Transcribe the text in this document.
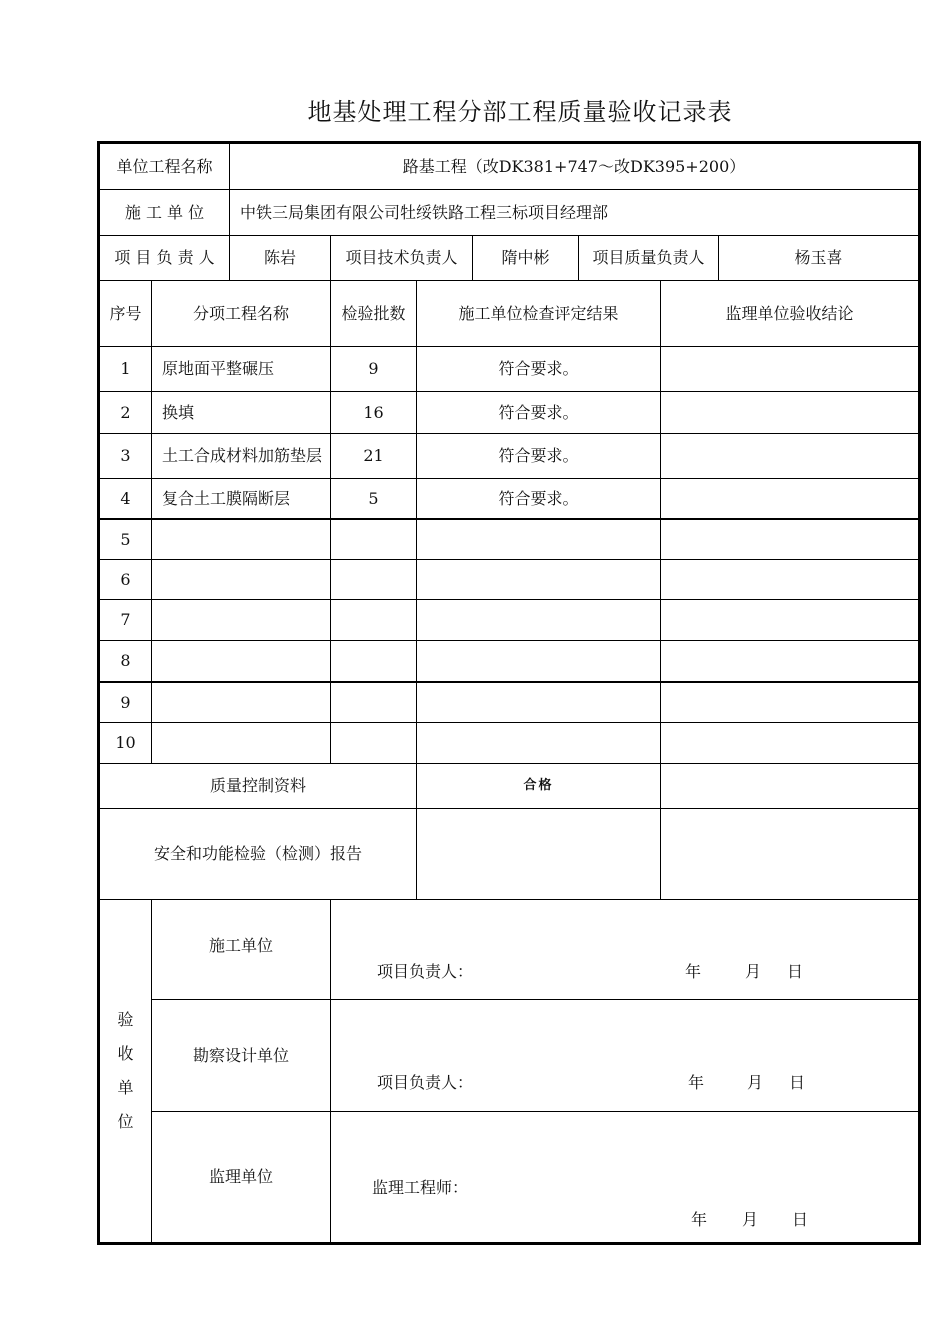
地基处理工程分部工程质量验收记录表
单位工程名称	路基工程（改DK381+747～改DK395+200）
施 工 单 位	中铁三局集团有限公司牡绥铁路工程三标项目经理部
项 目 负 责 人	陈岩	项目技术负责人	隋中彬	项目质量负责人	杨玉喜
序号	分项工程名称	检验批数	施工单位检查评定结果	监理单位验收结论
1	原地面平整碾压	9	符合要求。
2	换填	16	符合要求。
3	土工合成材料加筋垫层	21	符合要求。
4	复合土工膜隔断层	5	符合要求。
5
6
7
8
9
10
质量控制资料	合格
安全和功能检验（检测）报告
验
收
单
位
施工单位
项目负责人：	年	月 日
勘察设计单位
项目负责人：	年	月 日
监理单位
监理工程师：
年 月 日
